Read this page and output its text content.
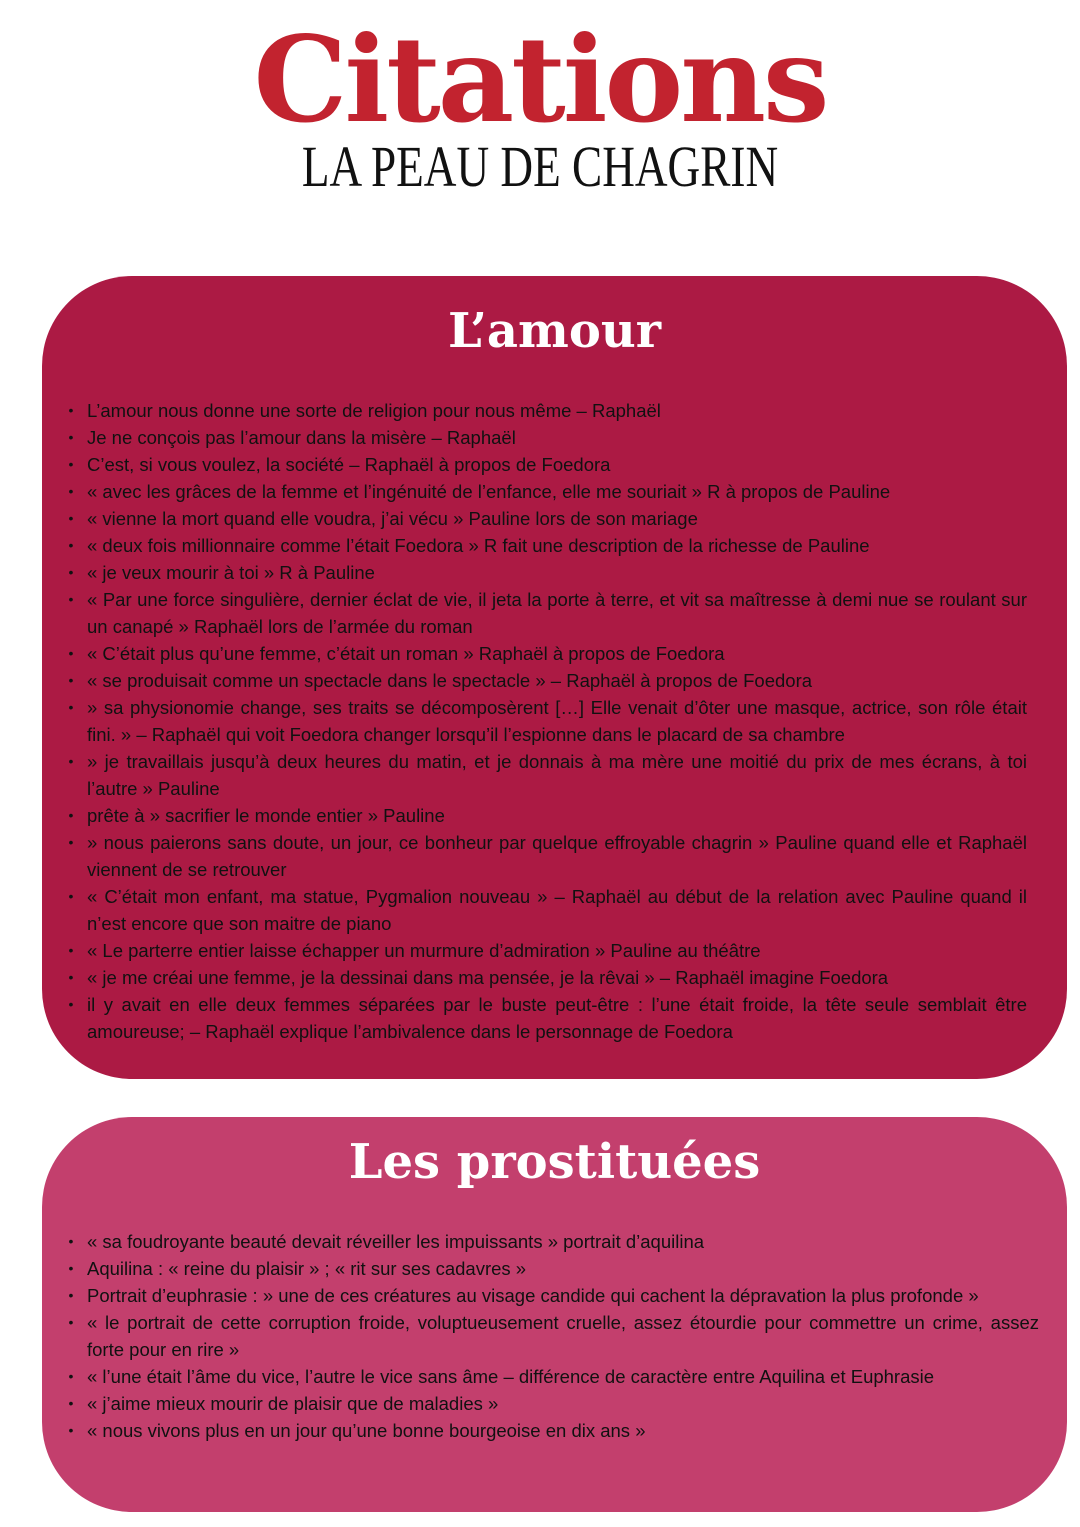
Citations
LA PEAU DE CHAGRIN
L’amour
• L’amour nous donne une sorte de religion pour nous même – Raphaël
• Je ne conçois pas l’amour dans la misère – Raphaël
• C’est, si vous voulez, la société – Raphaël à propos de Foedora
• « avec les grâces de la femme et l’ingénuité de l’enfance, elle me souriait » R à propos de Pauline
• « vienne la mort quand elle voudra, j’ai vécu » Pauline lors de son mariage
• « deux fois millionnaire comme l’était Foedora » R fait une description de la richesse de Pauline
• « je veux mourir à toi » R à Pauline
• « Par une force singulière, dernier éclat de vie, il jeta la porte à terre, et vit sa maîtresse à demi nue se roulant sur un canapé » Raphaël lors de l’armée du roman
• « C’était plus qu’une femme, c’était un roman » Raphaël à propos de Foedora
• « se produisait comme un spectacle dans le spectacle » – Raphaël à propos de Foedora
• » sa physionomie change, ses traits se décomposèrent […] Elle venait d’ôter une masque, actrice, son rôle était fini. » – Raphaël qui voit Foedora changer lorsqu’il l’espionne dans le placard de sa chambre
• » je travaillais jusqu’à deux heures du matin, et je donnais à ma mère une moitié du prix de mes écrans, à toi l’autre » Pauline
• prête à » sacrifier le monde entier » Pauline
• » nous paierons sans doute, un jour, ce bonheur par quelque effroyable chagrin » Pauline quand elle et Raphaël viennent de se retrouver
• « C’était mon enfant, ma statue, Pygmalion nouveau » – Raphaël au début de la relation avec Pauline quand il n’est encore que son maitre de piano
• « Le parterre entier laisse échapper un murmure d’admiration » Pauline au théâtre
• « je me créai une femme, je la dessinai dans ma pensée, je la rêvai » – Raphaël imagine Foedora
• il y avait en elle deux femmes séparées par le buste peut-être : l’une était froide, la tête seule semblait être amoureuse; – Raphaël explique l’ambivalence dans le personnage de Foedora
Les prostituées
• « sa foudroyante beauté devait réveiller les impuissants » portrait d’aquilina
• Aquilina : « reine du plaisir » ; « rit sur ses cadavres »
• Portrait d’euphrasie : » une de ces créatures au visage candide qui cachent la dépravation la plus profonde »
• « le portrait de cette corruption froide, voluptueusement cruelle, assez étourdie pour commettre un crime, assez forte pour en rire »
• « l’une était l’âme du vice, l’autre le vice sans âme – différence de caractère entre Aquilina et Euphrasie
• « j’aime mieux mourir de plaisir que de maladies »
• « nous vivons plus en un jour qu’une bonne bourgeoise en dix ans »
